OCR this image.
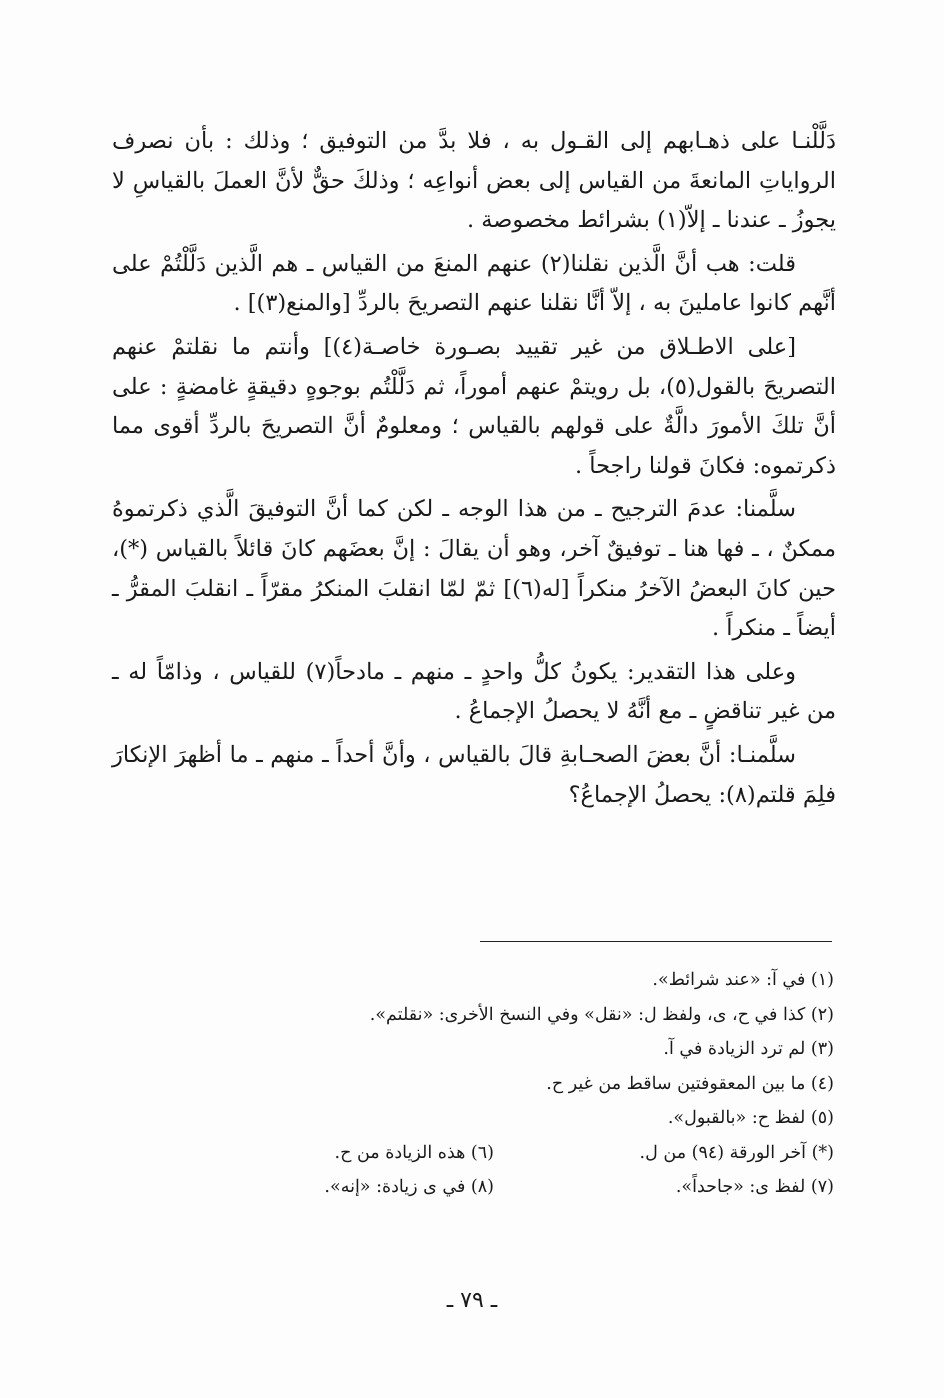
دَلَّلْنـا على ذهـابهم إلى القـول به ، فلا بدَّ من التوفيق ؛ وذلك : بأن نصرف الرواياتِ المانعةَ من القياس إلى بعض أنواعِه ؛ وذلكَ حقٌّ لأنَّ العملَ بالقياسِ لا يجوزُ ـ عندنا ـ إلاّ(١) بشرائط مخصوصة .

قلت: هب أنَّ الَّذين نقلنا(٢) عنهم المنعَ من القياس ـ هم الَّذين دَلَّلْتُمْ على أنَّهم كانوا عاملينَ به ، إلاّ أنَّا نقلنا عنهم التصريحَ بالردِّ [والمنع(٣)] .

[على الاطـلاق من غير تقييد بصـورة خاصـة(٤)] وأنتم ما نقلتمْ عنهم التصريحَ بالقول(٥)، بل رويتمْ عنهم أموراً، ثم دَلَّلْتُم بوجوهٍ دقيقةٍ غامضةٍ : على أنَّ تلكَ الأمورَ دالَّةٌ على قولهم بالقياس ؛ ومعلومٌ أنَّ التصريحَ بالردِّ أقوى مما ذكرتموه: فكانَ قولنا راجحاً .

سلَّمنا: عدمَ الترجيح ـ من هذا الوجه ـ لكن كما أنَّ التوفيقَ الَّذي ذكرتموهُ ممكنٌ ، ـ فها هنا ـ توفيقٌ آخر، وهو أن يقالَ : إنَّ بعضَهم كانَ قائلاً بالقياس (*)، حين كانَ البعضُ الآخرُ منكراً [له(٦)] ثمّ لمّا انقلبَ المنكرُ مقرّاً ـ انقلبَ المقرُّ ـ أيضاً ـ منكراً .

وعلى هذا التقدير: يكونُ كلُّ واحدٍ ـ منهم ـ مادحاً(٧) للقياس ، وذامّاً له ـ من غير تناقضٍ ـ مع أنَّهُ لا يحصلُ الإجماعُ .

سلَّمنـا: أنَّ بعضَ الصحـابةِ قالَ بالقياس ، وأنَّ أحداً ـ منهم ـ ما أظهرَ الإنكارَ فلِمَ قلتم(٨): يحصلُ الإجماعُ؟

(١) في آ: «عند شرائط».
(٢) كذا في ح، ى، ولفظ ل: «نقل» وفي النسخ الأخرى: «نقلتم».
(٣) لم ترد الزيادة في آ.
(٤) ما بين المعقوفتين ساقط من غير ح.
(٥) لفظ ح: «بالقبول».
(*) آخر الورقة (٩٤) من ل.
(٦) هذه الزيادة من ح.
(٧) لفظ ى: «جاحداً».
(٨) في ى زيادة: «إنه».
ـ ٧٩ ـ
